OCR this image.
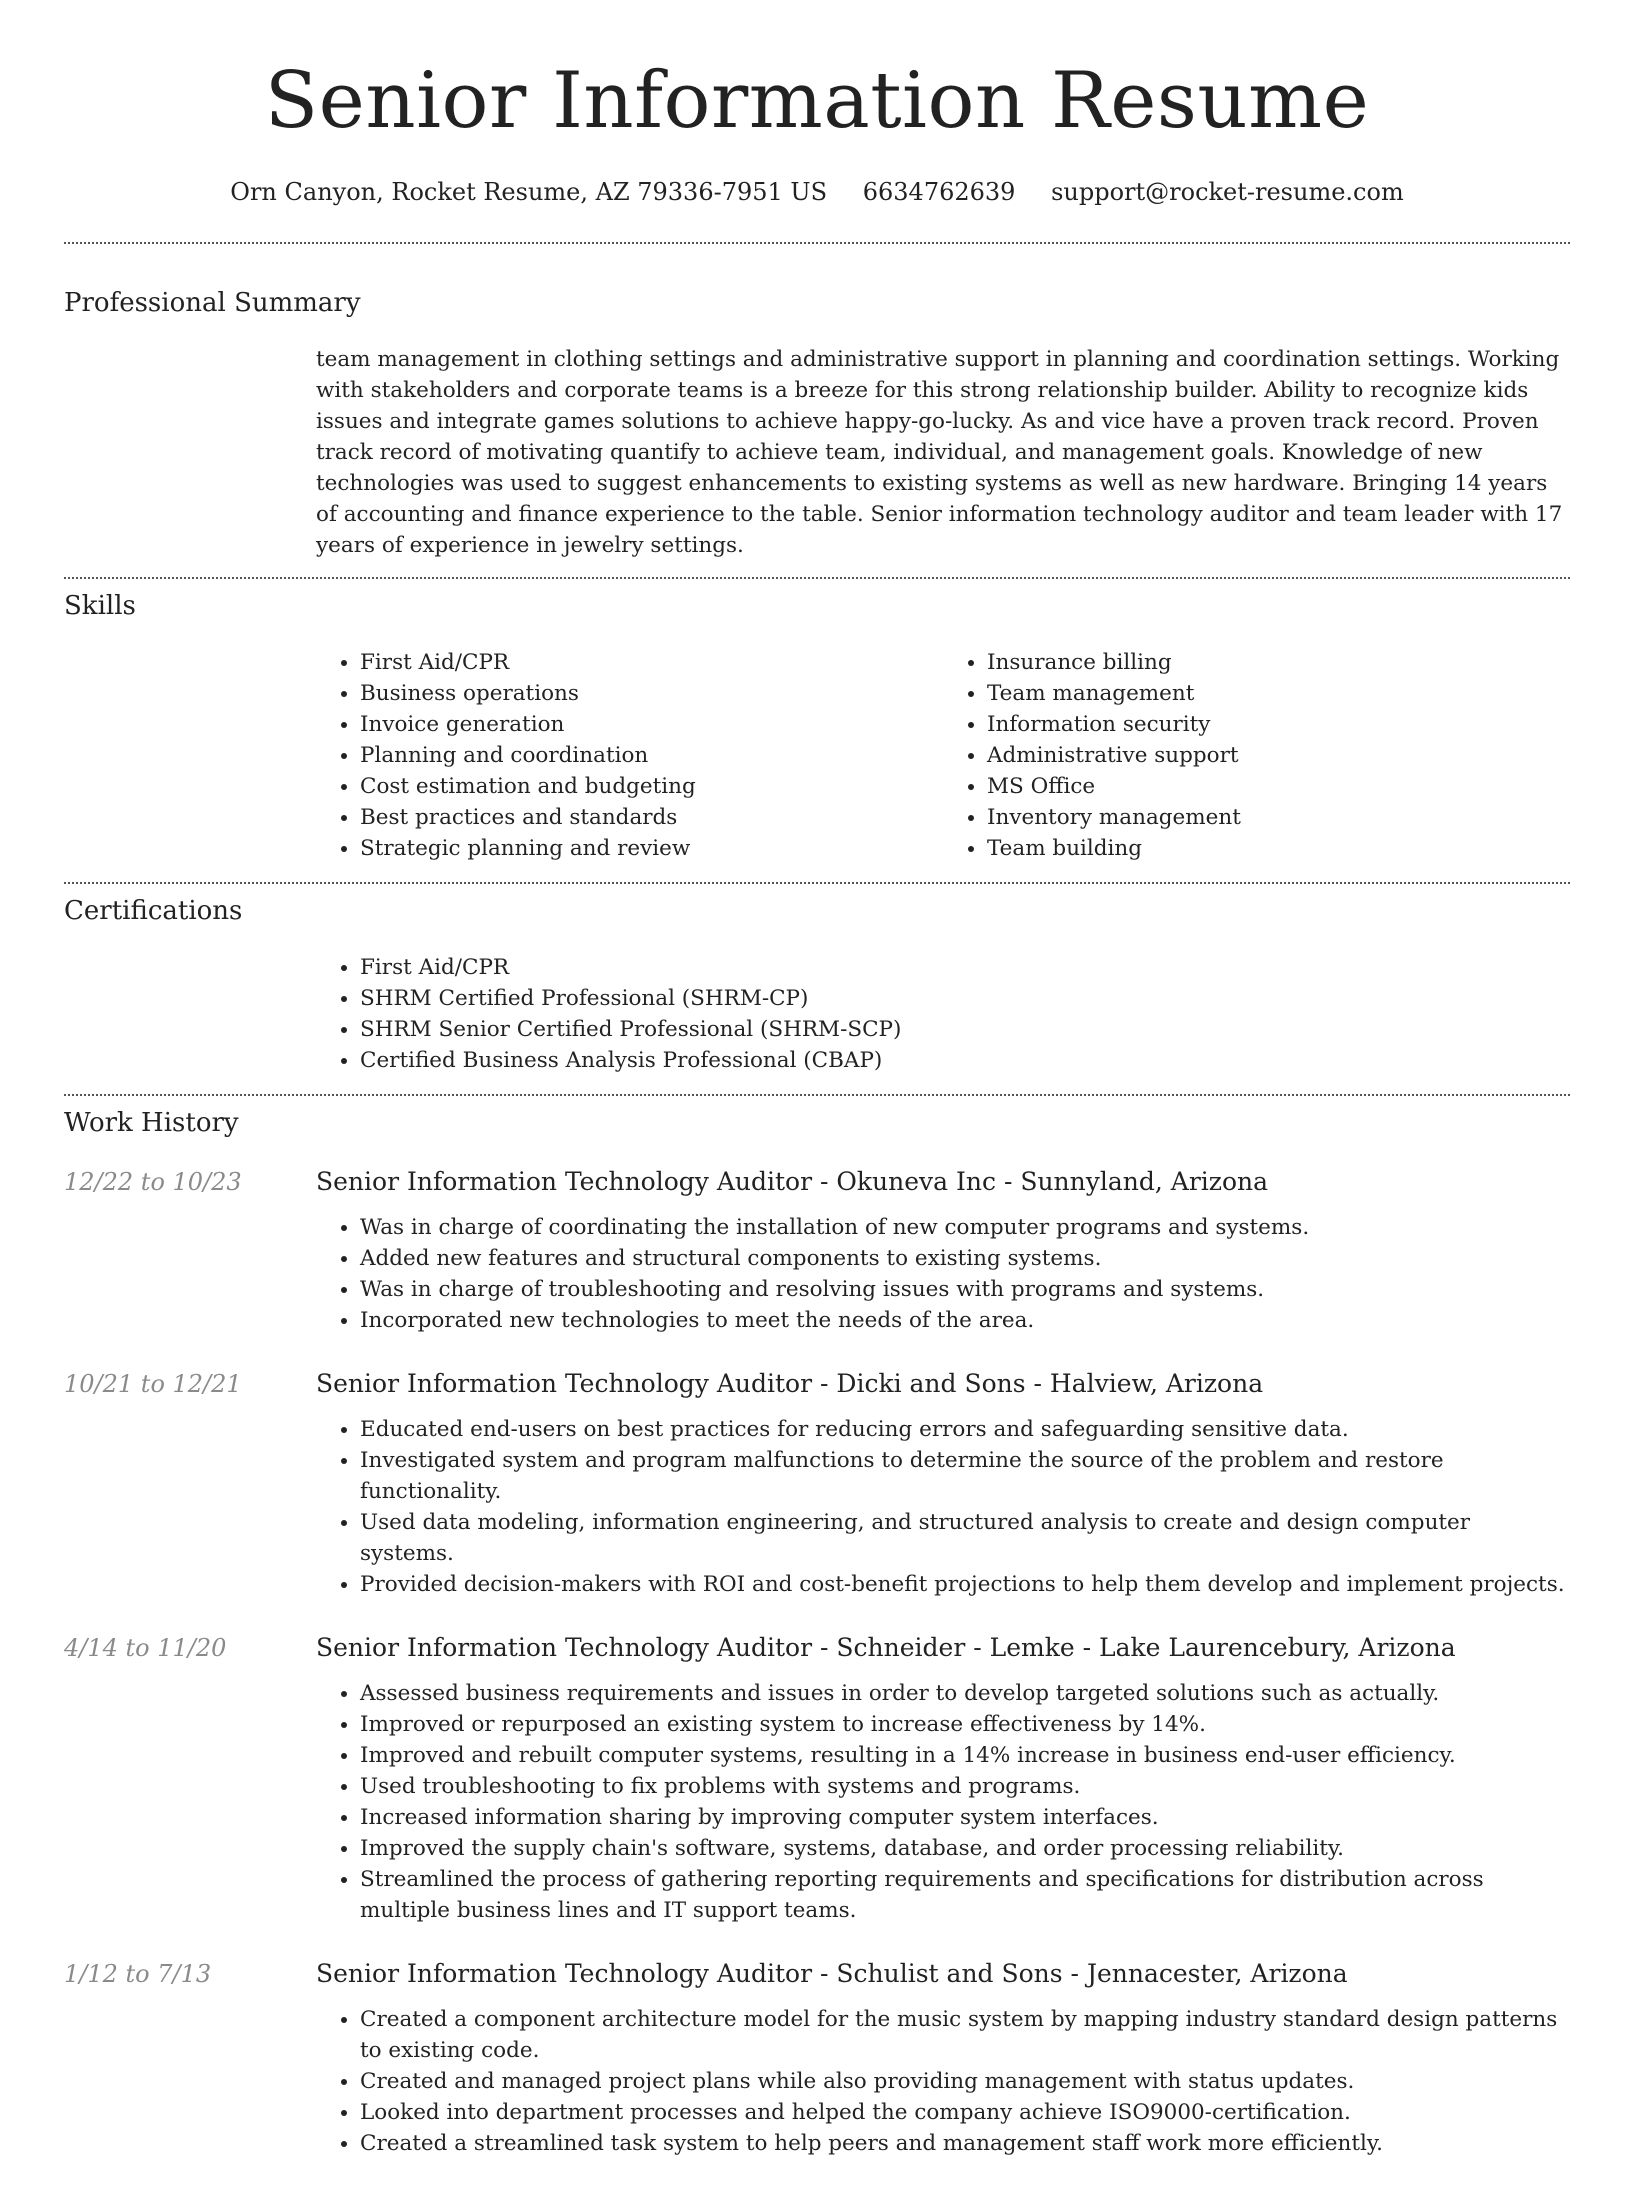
Senior Information Resume
Orn Canyon, Rocket Resume, AZ 79336-7951 US 6634762639 support@rocket-resume.com
Professional Summary
team management in clothing settings and administrative support in planning and coordination settings. Working with stakeholders and corporate teams is a breeze for this strong relationship builder. Ability to recognize kids issues and integrate games solutions to achieve happy-go-lucky. As and vice have a proven track record. Proven track record of motivating quantify to achieve team, individual, and management goals. Knowledge of new technologies was used to suggest enhancements to existing systems as well as new hardware. Bringing 14 years of accounting and finance experience to the table. Senior information technology auditor and team leader with 17 years of experience in jewelry settings.
Skills
• First Aid/CPR
• Business operations
• Invoice generation
• Planning and coordination
• Cost estimation and budgeting
• Best practices and standards
• Strategic planning and review
• Insurance billing
• Team management
• Information security
• Administrative support
• MS Office
• Inventory management
• Team building
Certifications
• First Aid/CPR
• SHRM Certified Professional (SHRM-CP)
• SHRM Senior Certified Professional (SHRM-SCP)
• Certified Business Analysis Professional (CBAP)
Work History
12/22 to 10/23	Senior Information Technology Auditor - Okuneva Inc - Sunnyland, Arizona
• Was in charge of coordinating the installation of new computer programs and systems.
• Added new features and structural components to existing systems.
• Was in charge of troubleshooting and resolving issues with programs and systems.
• Incorporated new technologies to meet the needs of the area.
10/21 to 12/21	Senior Information Technology Auditor - Dicki and Sons - Halview, Arizona
• Educated end-users on best practices for reducing errors and safeguarding sensitive data.
• Investigated system and program malfunctions to determine the source of the problem and restore functionality.
• Used data modeling, information engineering, and structured analysis to create and design computer systems.
• Provided decision-makers with ROI and cost-benefit projections to help them develop and implement projects.
4/14 to 11/20	Senior Information Technology Auditor - Schneider - Lemke - Lake Laurencebury, Arizona
• Assessed business requirements and issues in order to develop targeted solutions such as actually.
• Improved or repurposed an existing system to increase effectiveness by 14%.
• Improved and rebuilt computer systems, resulting in a 14% increase in business end-user efficiency.
• Used troubleshooting to fix problems with systems and programs.
• Increased information sharing by improving computer system interfaces.
• Improved the supply chain's software, systems, database, and order processing reliability.
• Streamlined the process of gathering reporting requirements and specifications for distribution across multiple business lines and IT support teams.
1/12 to 7/13	Senior Information Technology Auditor - Schulist and Sons - Jennacester, Arizona
• Created a component architecture model for the music system by mapping industry standard design patterns to existing code.
• Created and managed project plans while also providing management with status updates.
• Looked into department processes and helped the company achieve ISO9000-certification.
• Created a streamlined task system to help peers and management staff work more efficiently.
